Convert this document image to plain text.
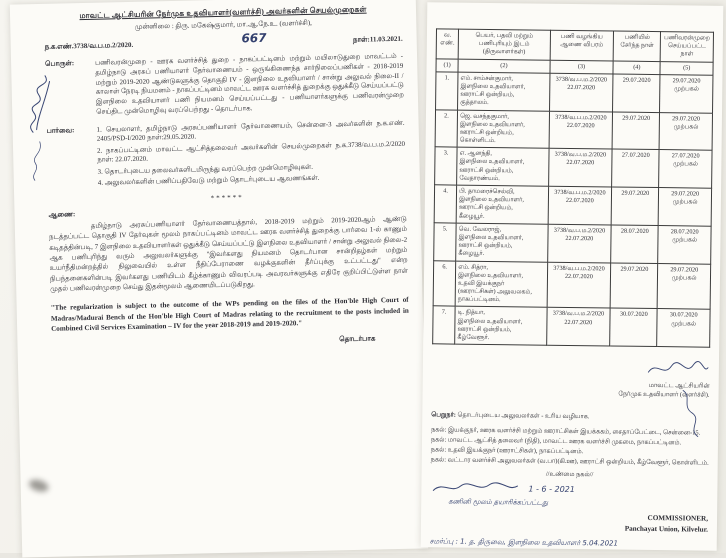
மாவட்ட ஆட்சியரின் நேர்முக உதவியாளர்(வளர்ச்சி) அவர்களின் செயல்முறைகள்
முன்னிலை : திரு. மகேஷ்குமார், மா.ஆ.நே.உ. (வளர்ச்சி),
ந.க.எண்.3738/வ.ப.ம.2/2020.
667	நாள்:11.03.2021.
பொருள்:	பணிவரன்முறை - ஊரக வளர்ச்சித் துறை - நாகப்பட்டினம் மற்றும் மயிலாடுதுறை மாவட்டம் - தமிழ்நாடு அரசுப் பணியாளர் தேர்வாணையம் - ஒருங்கிணைந்த சார்நிலைப்பணிகள் - 2018-2019 மற்றும் 2019-2020 ஆண்டுகளுக்கு தொகுதி IV - இளநிலை உதவியாளர் / சான்று அலுவல் நிலை-II / காலாள் நேரடி நியமனம் - நாகப்பட்டினம் மாவட்ட ஊரக வளர்ச்சித் துறைக்கு ஒதுக்கீடு செய்யப்பட்டு இளநிலை உதவியாளர் பணி நியமனம் செய்யப்பட்டது - பணியாளர்களுக்கு பணிவரன்முறை செய்திட முன்மொழிவு வரப்பெற்றது - தொடர்பாக.
பார்வை:	1. செயலாளர், தமிழ்நாடு அரசுப்பணியாளர் தேர்வாணையம், சென்னை-3 அவர்களின் ந.க.எண். 2405/PSD-I/2020 நாள்:29.05.2020.
2. நாகப்பட்டினம் மாவட்ட ஆட்சித்தலைவர் அவர்களின் செயல்முறைகள் ந.க.3738/வ.ப.ம.2/2020 நாள்: 22.07.2020.
3. தொடர்புடைய தலைவர்களிடமிருந்து வரப்பெற்ற முன்மொழிவுகள்.
4. அலுவலர்களின் பணிப்பதிவேடு மற்றும் தொடர்புடைய ஆவணங்கள்.
******
ஆணை:

தமிழ்நாடு அரசுப்பணியாளர் தேர்வாணையத்தால், 2018-2019 மற்றும் 2019-2020ஆம் ஆண்டு நடத்தப்பட்ட தொகுதி IV தேர்வுகள் மூலம் நாகப்பட்டினம் மாவட்ட ஊரக வளர்ச்சித் துறைக்கு பார்வை 1-ல் காணும் கடிதத்தின்படி, 7 இளநிலை உதவியாளர்கள் ஒதுக்கீடு செய்யப்பட்டு இளநிலை உதவியாளர் / சான்று அலுவல் நிலை-2 ஆக பணிபுரிந்து வரும் அலுவலர்களுக்கு "இவர்களது நியமனம் தொடர்பான சான்றிதழ்கள் மற்றும் உயர்நீதிமன்றத்தில் நிலுவையில் உள்ள நீதிப்பேராணை வழக்குகளின் தீர்ப்புக்கு உட்பட்டது" என்ற நிபந்தனைகளின்படி இவர்களது பணியிடம் கீழ்க்காணும் விவரப்படி அவரவர்களுக்கு எதிரே குறிப்பிட்டுள்ள நாள் முதல் பணிவரன்முறை செய்து இதன்மூலம் ஆணையிடப்படுகிறது.

"The regularization is subject to the outcome of the WPs pending on the files of the Hon'ble High Court of Madras/Madurai Bench of the Hon'ble High Court of Madras relating to the recruitment to the posts included in Combined Civil Services Examination – IV for the year 2018-2019 and 2019-2020."

தொடர்பாக
வ. எண்.	பெயர், பதவி மற்றும் பணிபுரியும் இடம் (திருவாளர்கள்)	பணி வழங்கிய ஆணை விபரம்	பணியில் சேர்ந்த நாள்	பணிவரன்முறை செய்யப்பட்ட நாள்
(1)	(2)	(3)	(4)	(5)
1.	எம். சாம்சன்குமார்,
இளநிலை உதவியாளர்,
ஊராட்சி ஒன்றியம்,
குத்தாலம்.	3738/வ.ப.ம.2/2020
22.07.2020	29.07.2020	29.07.2020
முற்பகல்
2.	ஜெ. வசந்தகுமார்,
இளநிலை உதவியாளர்,
ஊராட்சி ஒன்றியம்,
கொள்ளிடம்.	3738/வ.ப.ம.2/2020
22.07.2020	29.07.2020	29.07.2020
முற்பகல்
3.	எ. ஆனந்தி,
இளநிலை உதவியாளர்,
ஊராட்சி ஒன்றியம்,
வேதாரண்யம்.	3738/வ.ப.ம.2/2020
22.07.2020	27.07.2020	27.07.2020
முற்பகல்
4.	பி. தாமரைச்செல்வி,
இளநிலை உதவியாளர்,
ஊராட்சி ஒன்றியம்,
கீழையூர்.	3738/வ.ப.ம.2/2020
22.07.2020	29.07.2020	29.07.2020
முற்பகல்
5.	வெ. வேலராஜ்,
இளநிலை உதவியாளர்,
ஊராட்சி ஒன்றியம்,
கீழையூர்.	3738/வ.ப.ம.2/2020
22.07.2020	28.07.2020	28.07.2020
முற்பகல்
6.	எம். சித்ரா,
இளநிலை உதவியாளர்,
உதவி இயக்குநர்
(ஊராட்சிகள்) அலுவலகம்,
நாகப்பட்டினம்.	3738/வ.ப.ம.2/2020
22.07.2020	29.07.2020	29.07.2020
முற்பகல்
7.	டி. நித்யா,
இளநிலை உதவியாளர்,
ஊராட்சி ஒன்றியம்,
கீழ்வேளூர்.	3738/வ.ப.ம.2/2020
22.07.2020	30.07.2020	30.07.2020
முற்பகல்

மாவட்ட ஆட்சியரின்
நேர்முக உதவியாளர் (வளர்ச்சி).

பெறுநர்: தொடர்புடைய அலுவலர்கள் - உரிய வழியாக.
நகல்: இயக்குநர், ஊரக வளர்ச்சி மற்றும் ஊராட்சிகள் இயக்ககம், சைதாப்பேட்டை, சென்னை-15.
நகல்: மாவட்ட ஆட்சித் தலைவர் (நிதி), மாவட்ட ஊரக வளர்ச்சி முகமை, நாகப்பட்டினம்.
நகல்: உதவி இயக்குநர் (ஊராட்சிகள்), நாகப்பட்டினம்.
நகல்: வட்டார வளர்ச்சி அலுவலர்கள் (வ.பா)(கி.ஊ), ஊராட்சி ஒன்றியம், கீழ்வேளூர், கொள்ளிடம்.
//உண்மை நகல்//
1 - 6 - 2021
கணினி மூலம் தயாரிக்கப்பட்டது
COMMISSIONER,
Panchayat Union, Kilvelur.
சமர்ப்பு : 1. த. திருவை, இளநிலை உதவியாளர் 5.04.2021
